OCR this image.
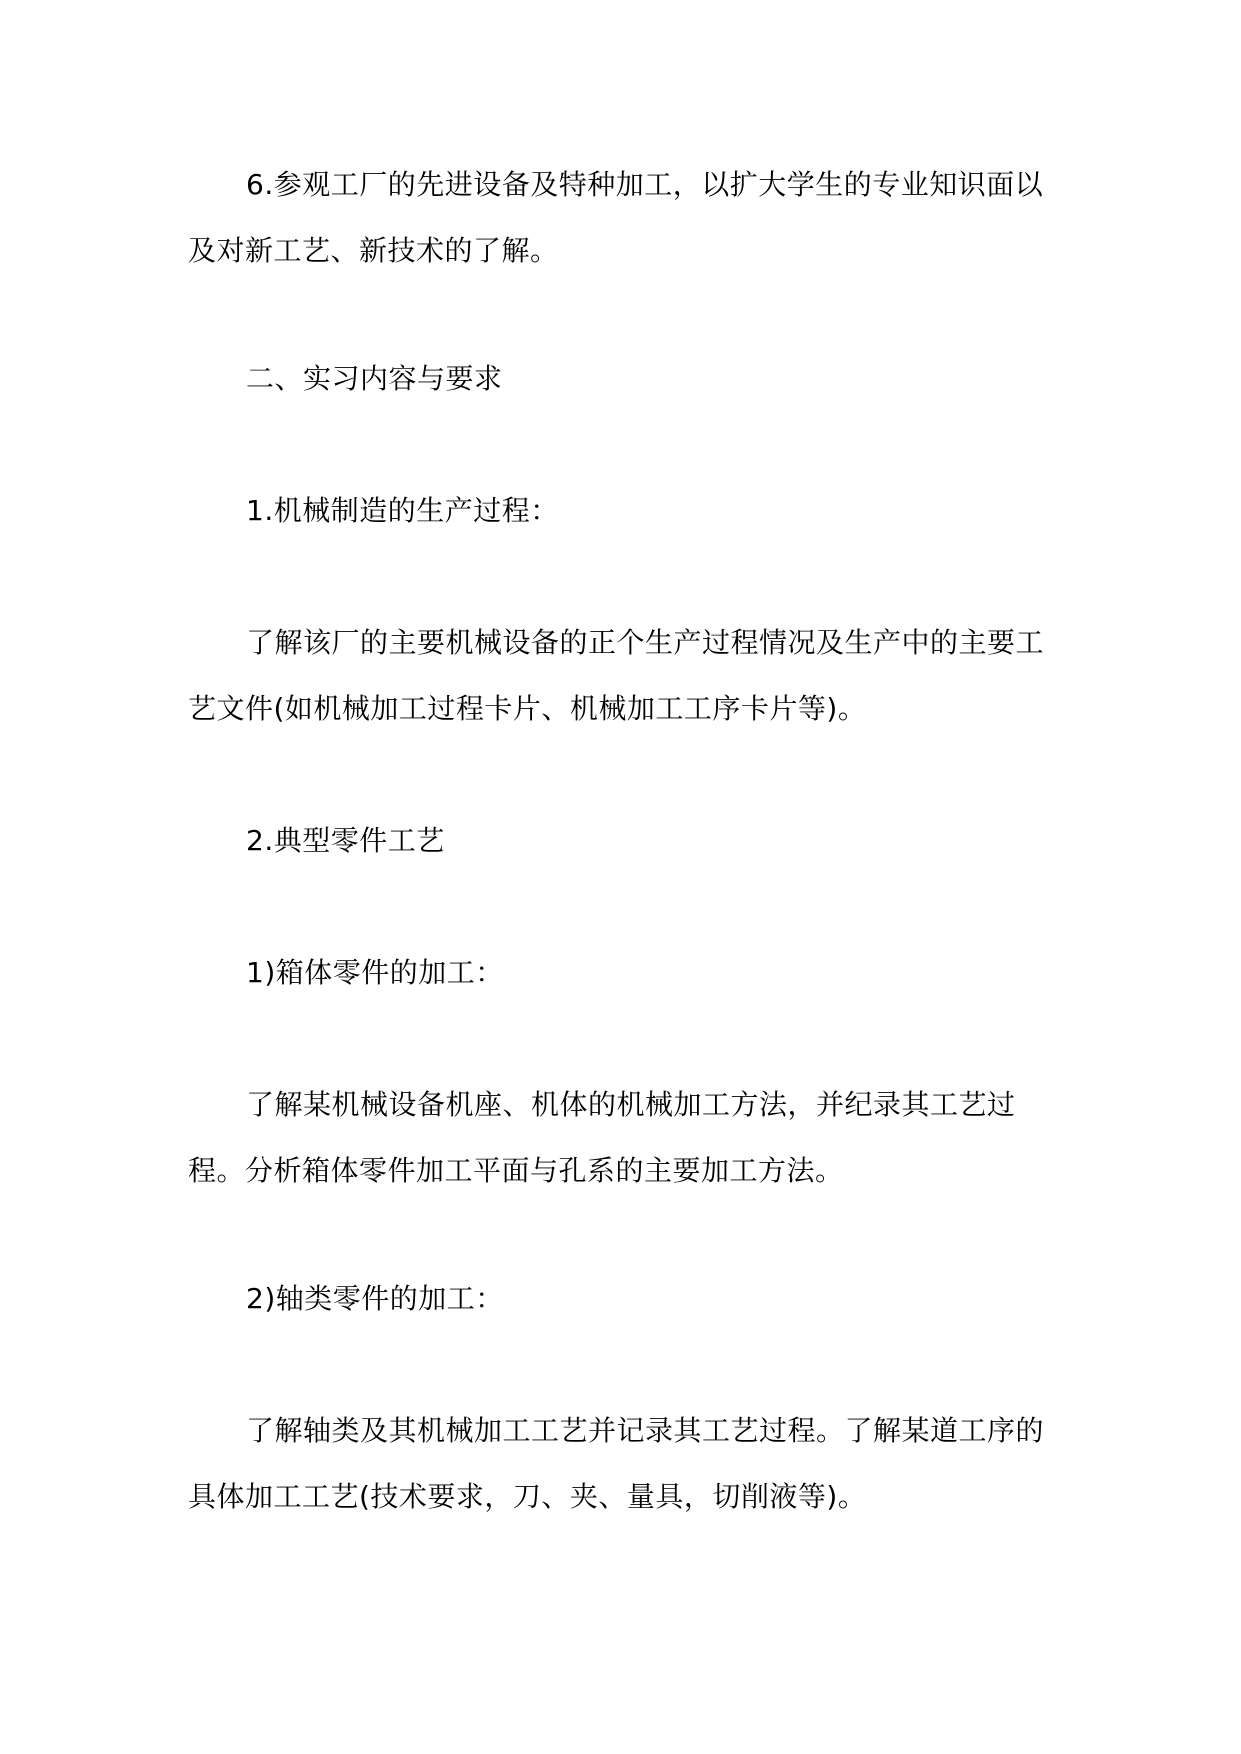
6.参观工厂的先进设备及特种加工，以扩大学生的专业知识面以及对新工艺、新技术的了解。

二、实习内容与要求

1.机械制造的生产过程：

了解该厂的主要机械设备的正个生产过程情况及生产中的主要工艺文件(如机械加工过程卡片、机械加工工序卡片等)。

2.典型零件工艺

1)箱体零件的加工：

了解某机械设备机座、机体的机械加工方法，并纪录其工艺过程。分析箱体零件加工平面与孔系的主要加工方法。

2)轴类零件的加工：

了解轴类及其机械加工工艺并记录其工艺过程。了解某道工序的具体加工工艺(技术要求，刀、夹、量具，切削液等)。
